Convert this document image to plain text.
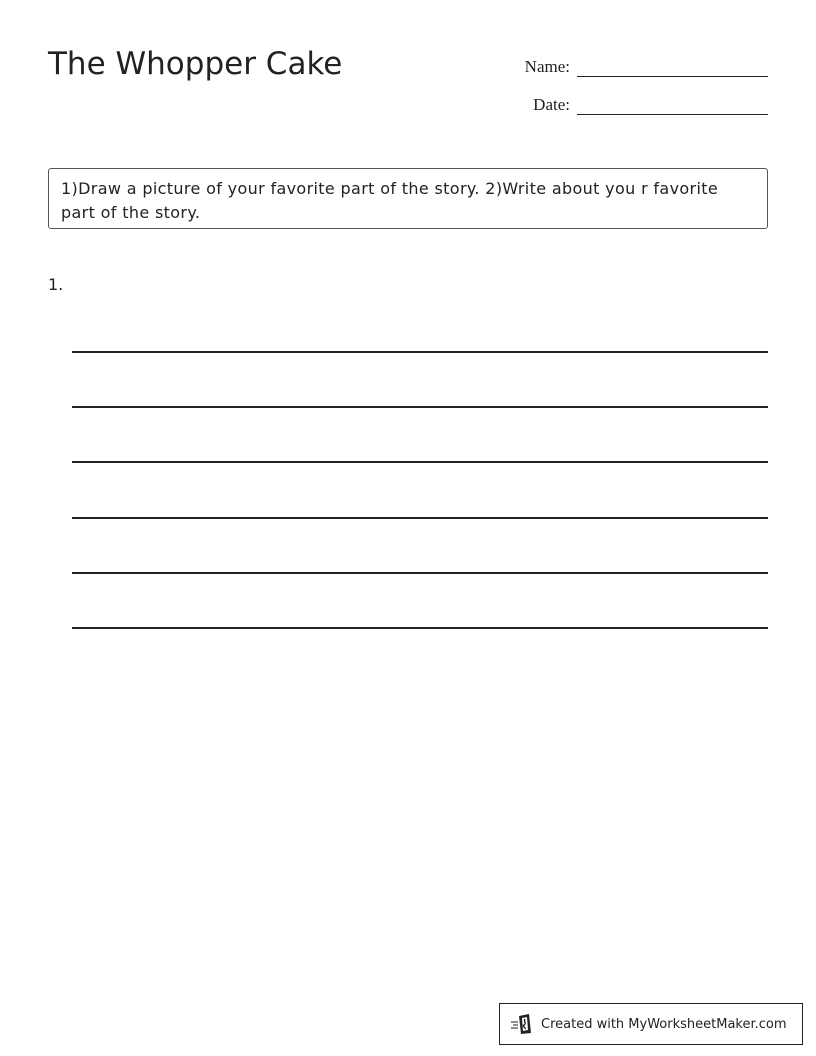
The Whopper Cake	Name:
Date:
1)Draw a picture of your favorite part of the story. 2)Write about you r favorite part of the story.
1.
Created with MyWorksheetMaker.com
